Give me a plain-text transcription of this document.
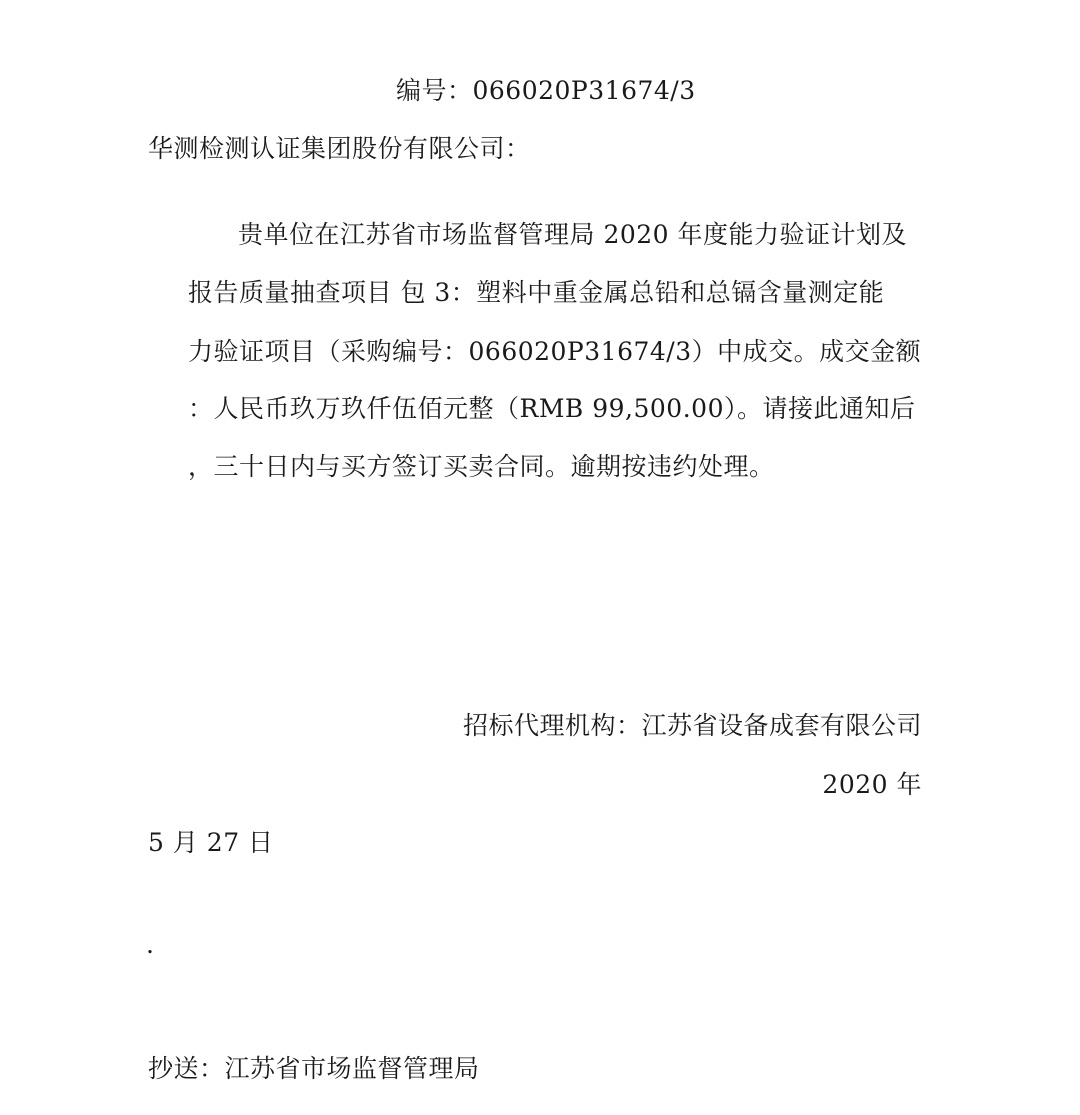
编号：066020P31674/3
华测检测认证集团股份有限公司：
贵单位在江苏省市场监督管理局 2020 年度能力验证计划及
报告质量抽查项目 包 3：塑料中重金属总铅和总镉含量测定能
力验证项目（采购编号：066020P31674/3）中成交。成交金额
：人民币玖万玖仟伍佰元整（RMB 99,500.00）。请接此通知后
，三十日内与买方签订买卖合同。逾期按违约处理。
招标代理机构：江苏省设备成套有限公司
2020 年
5 月 27 日
.
抄送：江苏省市场监督管理局
